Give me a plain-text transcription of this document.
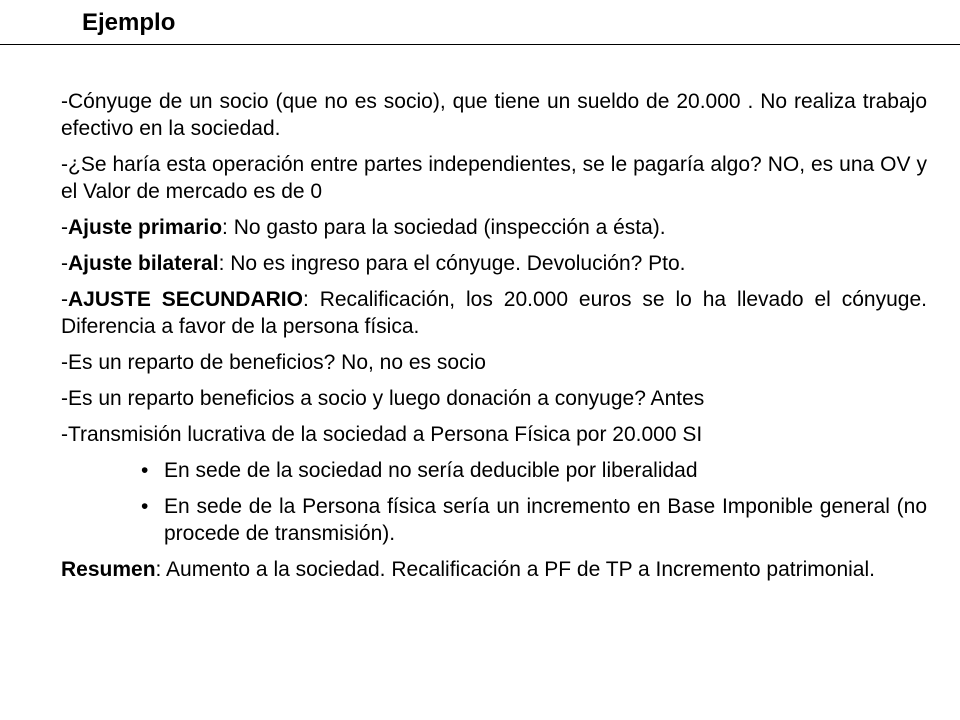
Ejemplo

-Cónyuge de un socio (que no es socio), que tiene un sueldo de 20.000 . No realiza trabajo efectivo en la sociedad.

-¿Se haría esta operación entre partes independientes, se le pagaría algo? NO, es una OV y el Valor de mercado es de 0

-Ajuste primario: No gasto para la sociedad (inspección a ésta).

-Ajuste bilateral: No es ingreso para el cónyuge. Devolución? Pto.

-AJUSTE SECUNDARIO: Recalificación, los 20.000 euros se lo ha llevado el cónyuge. Diferencia a favor de la persona física.

-Es un reparto de beneficios? No, no es socio

-Es un reparto beneficios a socio y luego donación a conyuge? Antes

-Transmisión lucrativa de la sociedad a Persona Física por 20.000 SI

• En sede de la sociedad no sería deducible por liberalidad
• En sede de la Persona física sería un incremento en Base Imponible general (no procede de transmisión).

Resumen: Aumento a la sociedad. Recalificación a PF de TP a Incremento patrimonial.
